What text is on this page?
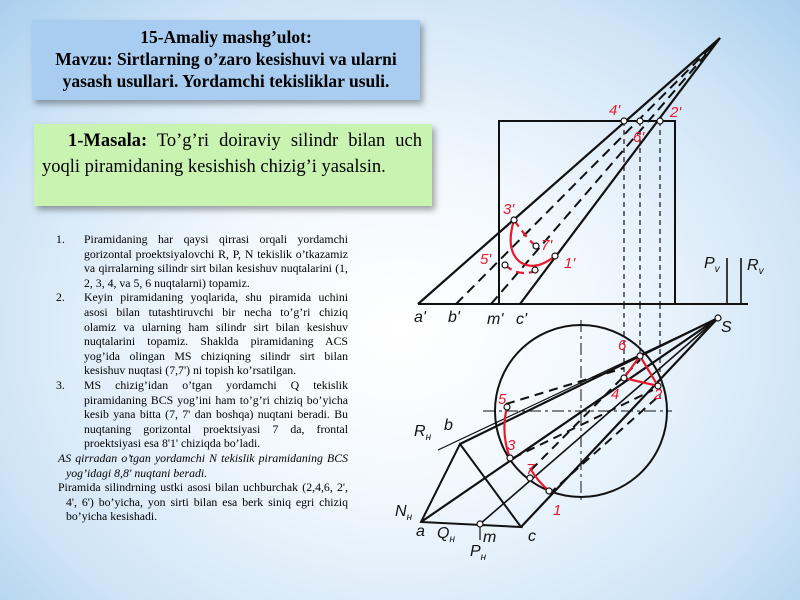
15-Amaliy mashg’ulot:
Mavzu: Sirtlarning o’zaro kesishuvi va ularni
yasash usullari. Yordamchi tekisliklar usuli.
1-Masala: To’g’ri doiraviy silindr bilan uch yoqli piramidaning kesishish chizig’i yasalsin.

1. Piramidaning har qaysi qirrasi orqali yordamchi gorizontal proektsiyalovchi R, P, N tekislik o’tkazamiz va qirralarning silindr sirt bilan kesishuv nuqtalarini (1, 2, 3, 4, va 5, 6 nuqtalarni) topamiz.

2. Keyin piramidaning yoqlarida, shu piramida uchini asosi bilan tutashtiruvchi bir necha to’g’ri chiziq olamiz va ularning ham silindr sirt bilan kesishuv nuqtalarini topamiz. Shaklda piramidaning ACS yog’ida olingan MS chiziqning silindr sirt bilan kesishuv nuqtasi (7,7') ni topish ko’rsatilgan.

3. MS chizig’idan o’tgan yordamchi Q tekislik piramidaning BCS yog’ini ham to’g’ri chiziq bo’yicha kesib yana bitta (7, 7' dan boshqa) nuqtani beradi. Bu nuqtaning gorizontal proektsiyasi 7 da, frontal proektsiyasi esa 8'1' chiziqda bo’ladi.

AS qirradan o’tgan yordamchi N tekislik piramidaning BCS yog’idagi 8,8' nuqtani beradi.

Piramida silindrning ustki asosi bilan uchburchak (2,4,6, 2', 4', 6') bo’yicha, yon sirti bilan esa berk siniq egri chiziq bo’yicha kesishadi.

4'	2'
6'
3'
7'
5'	1'
a' b' m' c'
$P_v$ $R_v$
6
4 2
5
3
7
1
S
b
a	m c
$R_н$
$N_н$
$Q_н$
$P_н$
